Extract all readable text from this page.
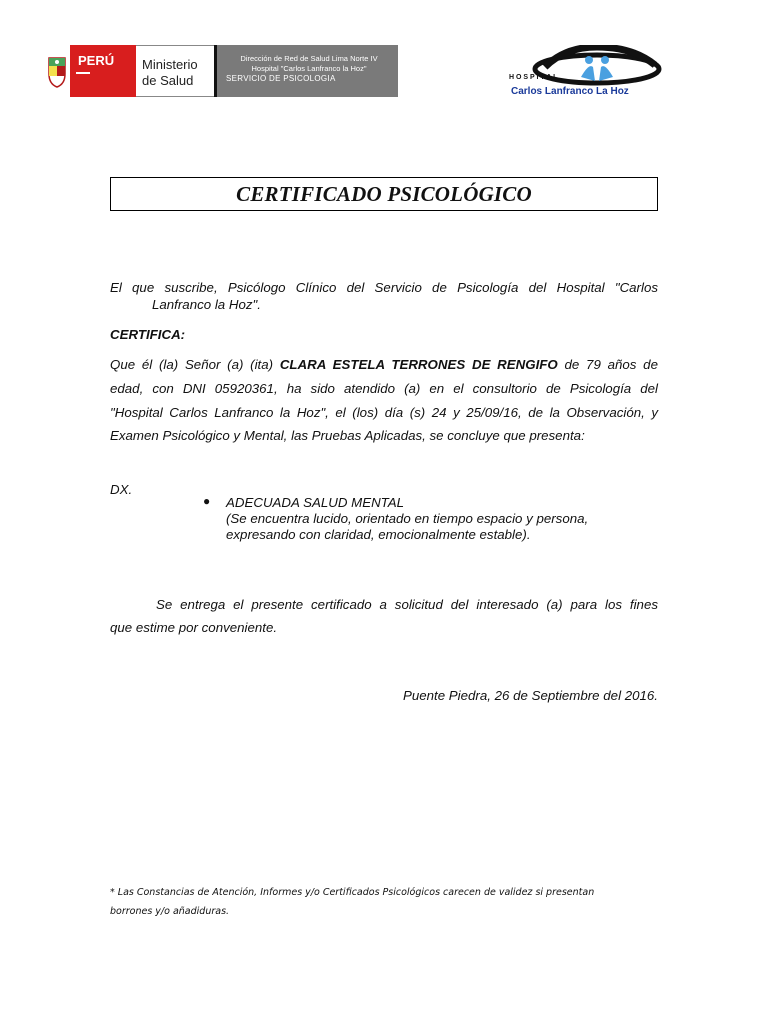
PERÚ Ministerio
de Salud
Dirección de Red de Salud Lima Norte IV
Hospital "Carlos Lanfranco la Hoz"
SERVICIO DE PSICOLOGIA	H O S P I T A L
Carlos Lanfranco La Hoz
CERTIFICADO PSICOLÓGICO
El que suscribe, Psicólogo Clínico del Servicio de Psicología del Hospital "Carlos
Lanfranco la Hoz".
CERTIFICA:
Que él (la) Señor (a) (ita) CLARA ESTELA TERRONES DE RENGIFO de 79 años de
edad, con DNI 05920361, ha sido atendido (a) en el consultorio de Psicología del
"Hospital Carlos Lanfranco la Hoz", el (los) día (s) 24 y 25/09/16, de la Observación, y
Examen Psicológico y Mental, las Pruebas Aplicadas, se concluye que presenta:
DX.
● ADECUADA SALUD MENTAL
(Se encuentra lucido, orientado en tiempo espacio y persona,
expresando con claridad, emocionalmente estable).
Se entrega el presente certificado a solicitud del interesado (a) para los fines
que estime por conveniente.
Puente Piedra, 26 de Septiembre del 2016.
* Las Constancias de Atención, Informes y/o Certificados Psicológicos carecen de validez si presentan
borrones y/o añadiduras.
